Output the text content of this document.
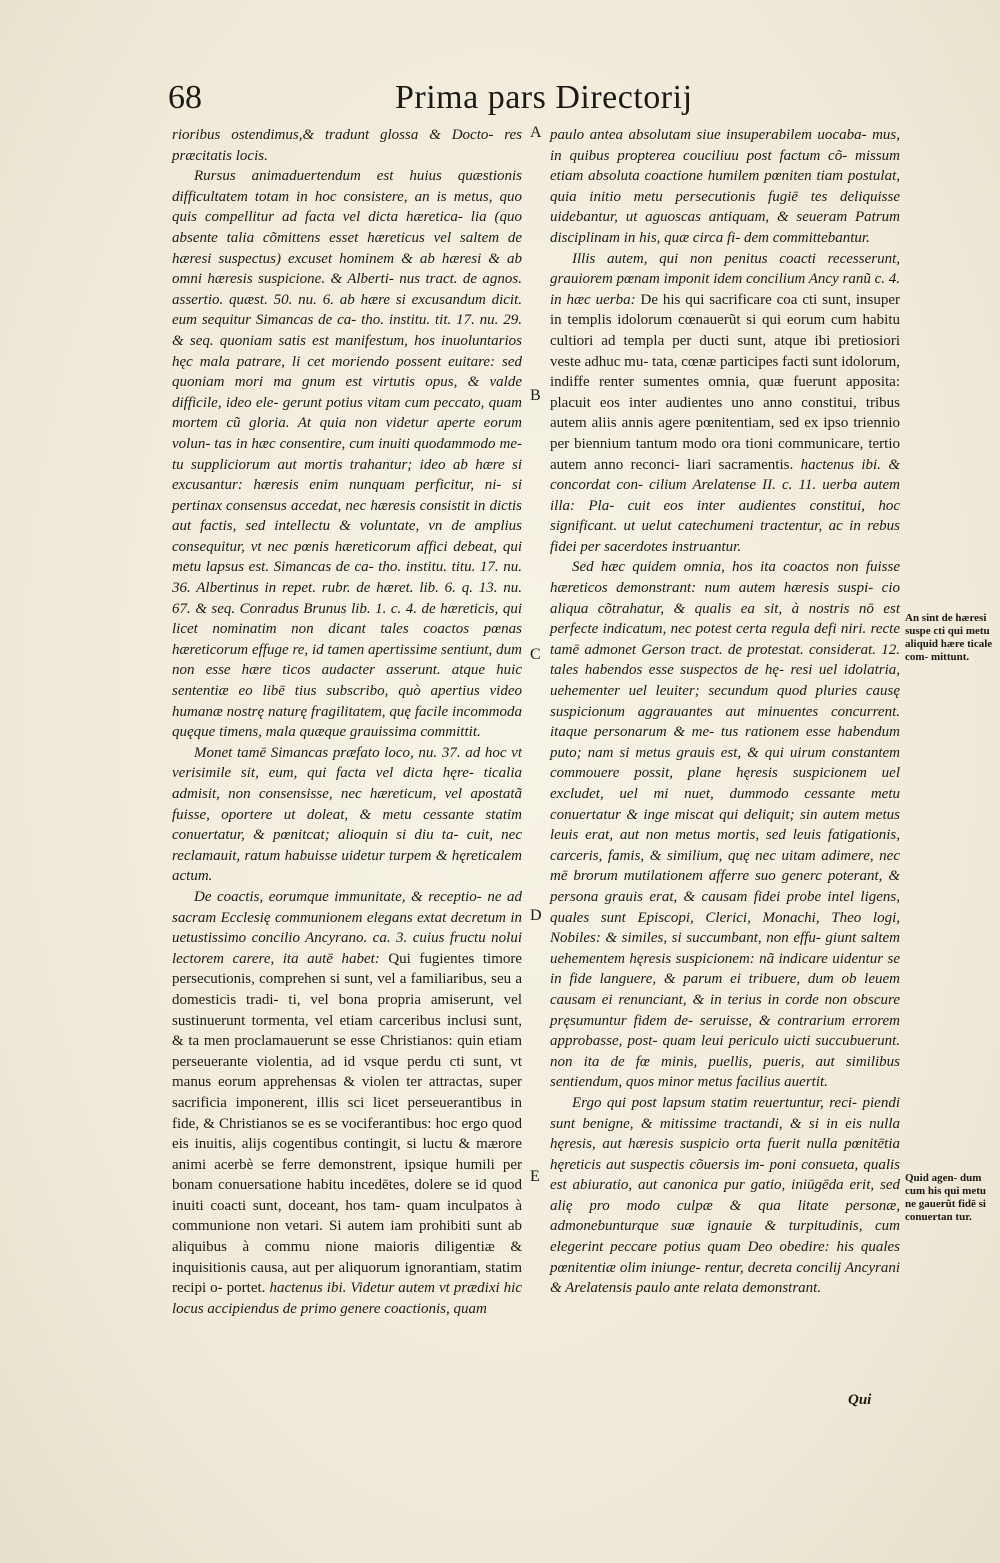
68	Prima pars Directorij

rioribus ostendimus,& tradunt glossa & Docto- res præcitatis locis.

Rursus animaduertendum est huius quæstionis difficultatem totam in hoc consistere, an is metus, quo quis compellitur ad facta vel dicta hæretica- lia (quo absente talia cõmittens esset hæreticus vel saltem de hæresi suspectus) excuset hominem & ab hæresi & ab omni hæresis suspicione. & Alberti- nus tract. de agnos. assertio. quæst. 50. nu. 6. ab hære si excusandum dicit. eum sequitur Simancas de ca- tho. institu. tit. 17. nu. 29. & seq. quoniam satis est manifestum, hos inuoluntarios hęc mala patrare, li cet moriendo possent euitare: sed quoniam mori ma gnum est virtutis opus, & valde difficile, ideo ele- gerunt potius vitam cum peccato, quam mortem cũ gloria. At quia non videtur aperte eorum volun- tas in hæc consentire, cum inuiti quodammodo me- tu suppliciorum aut mortis trahantur; ideo ab hære si excusantur: hæresis enim nunquam perficitur, ni- si pertinax consensus accedat, nec hæresis consistit in dictis aut factis, sed intellectu & voluntate, vn de amplius consequitur, vt nec pœnis hæreticorum affici debeat, qui metu lapsus est. Simancas de ca- tho. institu. titu. 17. nu. 36. Albertinus in repet. rubr. de hæret. lib. 6. q. 13. nu. 67. & seq. Conradus Brunus lib. 1. c. 4. de hæreticis, qui licet nominatim non dicant tales coactos pœnas hæreticorum effuge re, id tamen apertissime sentiunt, dum non esse hære ticos audacter asserunt. atque huic sententiæ eo libē tius subscribo, quò apertius video humanæ nostrę naturę fragilitatem, quę facile incommoda quęque timens, mala quæque grauissima committit.

Monet tamē Simancas præfato loco, nu. 37. ad hoc vt verisimile sit, eum, qui facta vel dicta hęre- ticalia admisit, non consensisse, nec hæreticum, vel apostatã fuisse, oportere ut doleat, & metu cessante statim conuertatur, & pœnitcat; alioquin si diu ta- cuit, nec reclamauit, ratum habuisse uidetur turpem & hęreticalem actum.

De coactis, eorumque immunitate, & receptio- ne ad sacram Ecclesię communionem elegans extat decretum in uetustissimo concilio Ancyrano. ca. 3. cuius fructu nolui lectorem carere, ita autē habet: Qui fugientes timore persecutionis, comprehen si sunt, vel a familiaribus, seu a domesticis tradi- ti, vel bona propria amiserunt, vel sustinuerunt tormenta, vel etiam carceribus inclusi sunt, & ta men proclamauerunt se esse Christianos: quin etiam perseuerante violentia, ad id vsque perdu cti sunt, vt manus eorum apprehensas & violen ter attractas, super sacrificia imponerent, illis sci licet perseuerantibus in fide, & Christianos se es se vociferantibus: hoc ergo quod eis inuitis, alijs cogentibus contingit, si luctu & mærore animi acerbè se ferre demonstrent, ipsique humili per bonam conuersatione habitu incedētes, dolere se id quod inuiti coacti sunt, doceant, hos tam- quam inculpatos à communione non vetari. Si autem iam prohibiti sunt ab aliquibus à commu nione maioris diligentiæ & inquisitionis causa, aut per aliquorum ignorantiam, statim recipi o- portet. hactenus ibi. Videtur autem vt prædixi hic locus accipiendus de primo genere coactionis, quam

A
B
C
D
E

paulo antea absolutam siue insuperabilem uocaba- mus, in quibus propterea couciliuu post factum cõ- missum etiam absoluta coactione humilem pœniten tiam postulat, quia initio metu persecutionis fugiē tes deliquisse uidebantur, ut aguoscas antiquam, & seueram Patrum disciplinam in his, quæ circa fi- dem committebantur.

Illis autem, qui non penitus coacti recesserunt, grauiorem pœnam imponit idem concilium Ancy ranũ c. 4. in hæc uerba: De his qui sacrificare coa cti sunt, insuper in templis idolorum cœnauerũt si qui eorum cum habitu cultiori ad templa per ducti sunt, atque ibi pretiosiori veste adhuc mu- tata, cœnæ participes facti sunt idolorum, indiffe renter sumentes omnia, quæ fuerunt apposita: placuit eos inter audientes uno anno constitui, tribus autem aliis annis agere pœnitentiam, sed ex ipso triennio per biennium tantum modo ora tioni communicare, tertio autem anno reconci- liari sacramentis. hactenus ibi. & concordat con- cilium Arelatense II. c. 11. uerba autem illa: Pla- cuit eos inter audientes constitui, hoc significant. ut uelut catechumeni tractentur, ac in rebus fidei per sacerdotes instruantur.

Sed hæc quidem omnia, hos ita coactos non fuisse hæreticos demonstrant: num autem hæresis suspi- cio aliqua cõtrahatur, & qualis ea sit, à nostris nō est perfecte indicatum, nec potest certa regula defi niri. recte tamē admonet Gerson tract. de protestat. considerat. 12. tales habendos esse suspectos de hę- resi uel idolatria, uehementer uel leuiter; secundum quod pluries causę suspicionum aggrauantes aut minuentes concurrent. itaque personarum & me- tus rationem esse habendum puto; nam si metus grauis est, & qui uirum constantem commouere possit, plane hęresis suspicionem uel excludet, uel mi nuet, dummodo cessante metu conuertatur & inge miscat qui deliquit; sin autem metus leuis erat, aut non metus mortis, sed leuis fatigationis, carceris, famis, & similium, quę nec uitam adimere, nec mē brorum mutilationem afferre suo generc poterant, & persona grauis erat, & causam fidei probe intel ligens, quales sunt Episcopi, Clerici, Monachi, Theo logi, Nobiles: & similes, si succumbant, non effu- giunt saltem uehementem hęresis suspicionem: nã indicare uidentur se in fide languere, & parum ei tribuere, dum ob leuem causam ei renunciant, & in terius in corde non obscure pręsumuntur fidem de- seruisse, & contrarium errorem approbasse, post- quam leui periculo uicti succubuerunt. non ita de fœ minis, puellis, pueris, aut similibus sentiendum, quos minor metus facilius auertit.

Ergo qui post lapsum statim reuertuntur, reci- piendi sunt benigne, & mitissime tractandi, & si in eis nulla hęresis, aut hæresis suspicio orta fuerit nulla pœnitētia hęreticis aut suspectis cõuersis im- poni consueta, qualis est abiuratio, aut canonica pur gatio, iniūgēda erit, sed alię pro modo culpæ & qua litate personæ, admonebunturque suæ ignauie & turpitudinis, cum elegerint peccare potius quam Deo obedire: his quales pœnitentiæ olim iniunge- rentur, decreta concilij Ancyrani & Arelatensis paulo ante relata demonstrant.

An sint de hæresi suspe cti qui metu aliquid hære ticale com- mittunt.
Quid agen- dum cum his qui metu ne gauerũt fidē si conuertan tur.
Qui
